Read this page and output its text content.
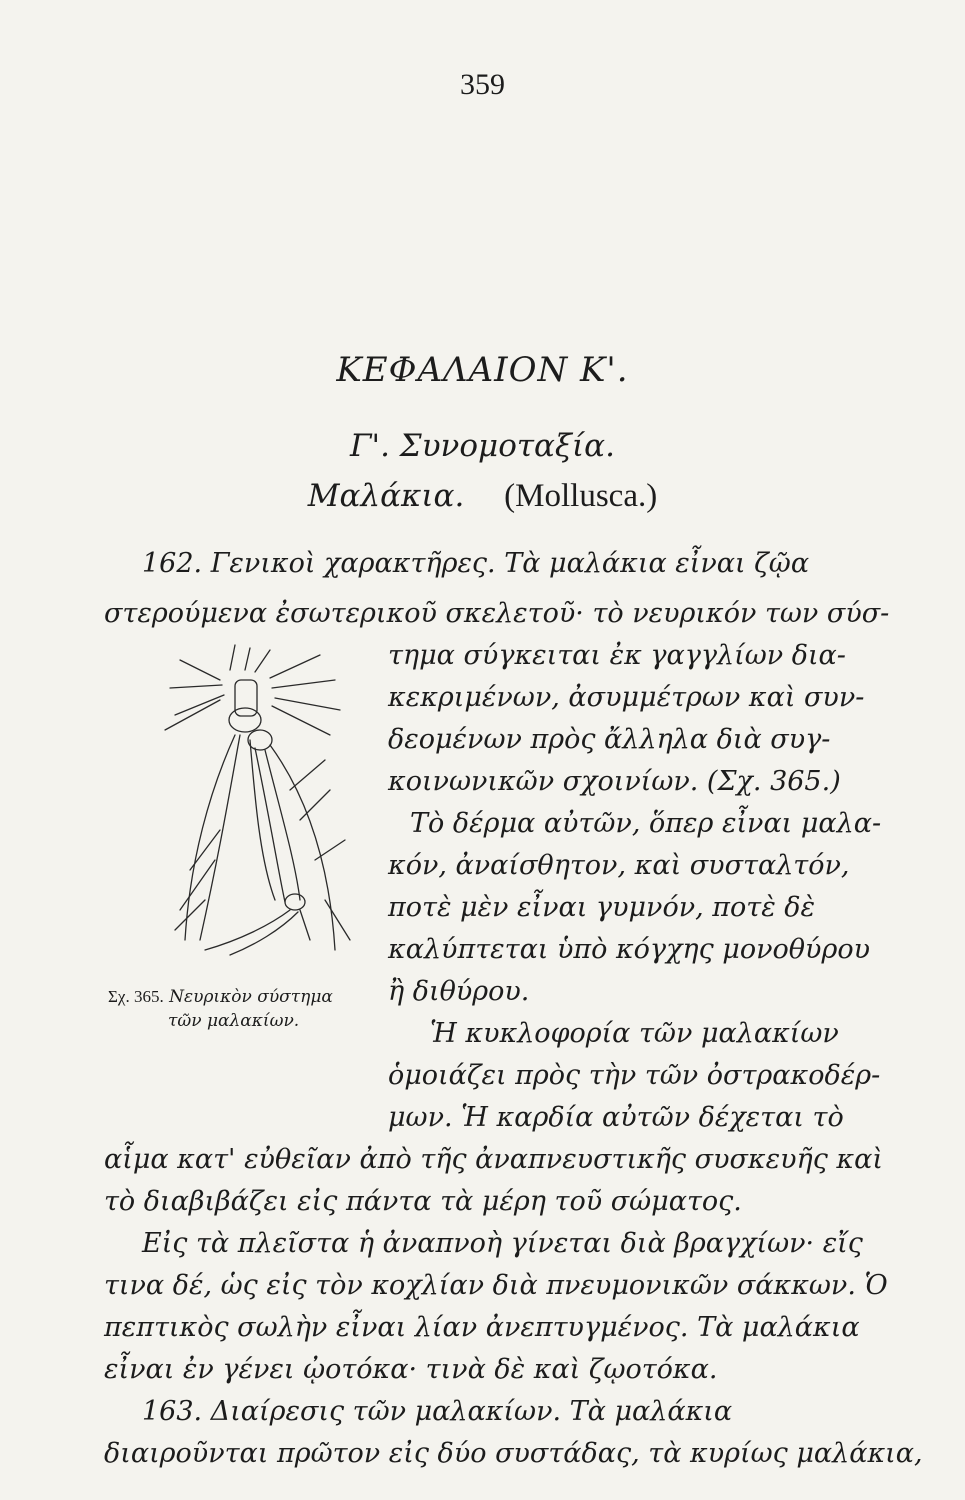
359
ΚΕΦΑΛΑΙΟΝ Κ'.
Γ'. Συνομοταξία.
Μαλάκια. (Mollusca.)
162. Γενικοὶ χαρακτῆρες. Τὰ μαλάκια εἶναι ζῷα
στερούμενα ἐσωτερικοῦ σκελετοῦ· τὸ νευρικόν των σύσ-
τημα σύγκειται ἐκ γαγγλίων δια-
κεκριμένων, ἀσυμμέτρων καὶ συν-
δεομένων πρὸς ἄλληλα διὰ συγ-
κοινωνικῶν σχοινίων. (Σχ. 365.)
Τὸ δέρμα αὐτῶν, ὅπερ εἶναι μαλα-
κόν, ἀναίσθητον, καὶ συσταλτόν,
ποτὲ μὲν εἶναι γυμνόν, ποτὲ δὲ
καλύπτεται ὑπὸ κόγχης μονοθύρου
ἢ διθύρου.
Ἡ κυκλοφορία τῶν μαλακίων
ὁμοιάζει πρὸς τὴν τῶν ὀστρακοδέρ-
μων. Ἡ καρδία αὐτῶν δέχεται τὸ
αἷμα κατ' εὐθεῖαν ἀπὸ τῆς ἀναπνευστικῆς συσκευῆς καὶ
τὸ διαβιβάζει εἰς πάντα τὰ μέρη τοῦ σώματος.
Εἰς τὰ πλεῖστα ἡ ἀναπνοὴ γίνεται διὰ βραγχίων· εἴς
τινα δέ, ὡς εἰς τὸν κοχλίαν διὰ πνευμονικῶν σάκκων. Ὁ
πεπτικὸς σωλὴν εἶναι λίαν ἀνεπτυγμένος. Τὰ μαλάκια
εἶναι ἐν γένει ᾠοτόκα· τινὰ δὲ καὶ ζῳοτόκα.
163. Διαίρεσις τῶν μαλακίων. Τὰ μαλάκια
διαιροῦνται πρῶτον εἰς δύο συστάδας, τὰ κυρίως μαλάκια,
Σχ. 365. Νευρικὸν σύστημα
τῶν μαλακίων.
